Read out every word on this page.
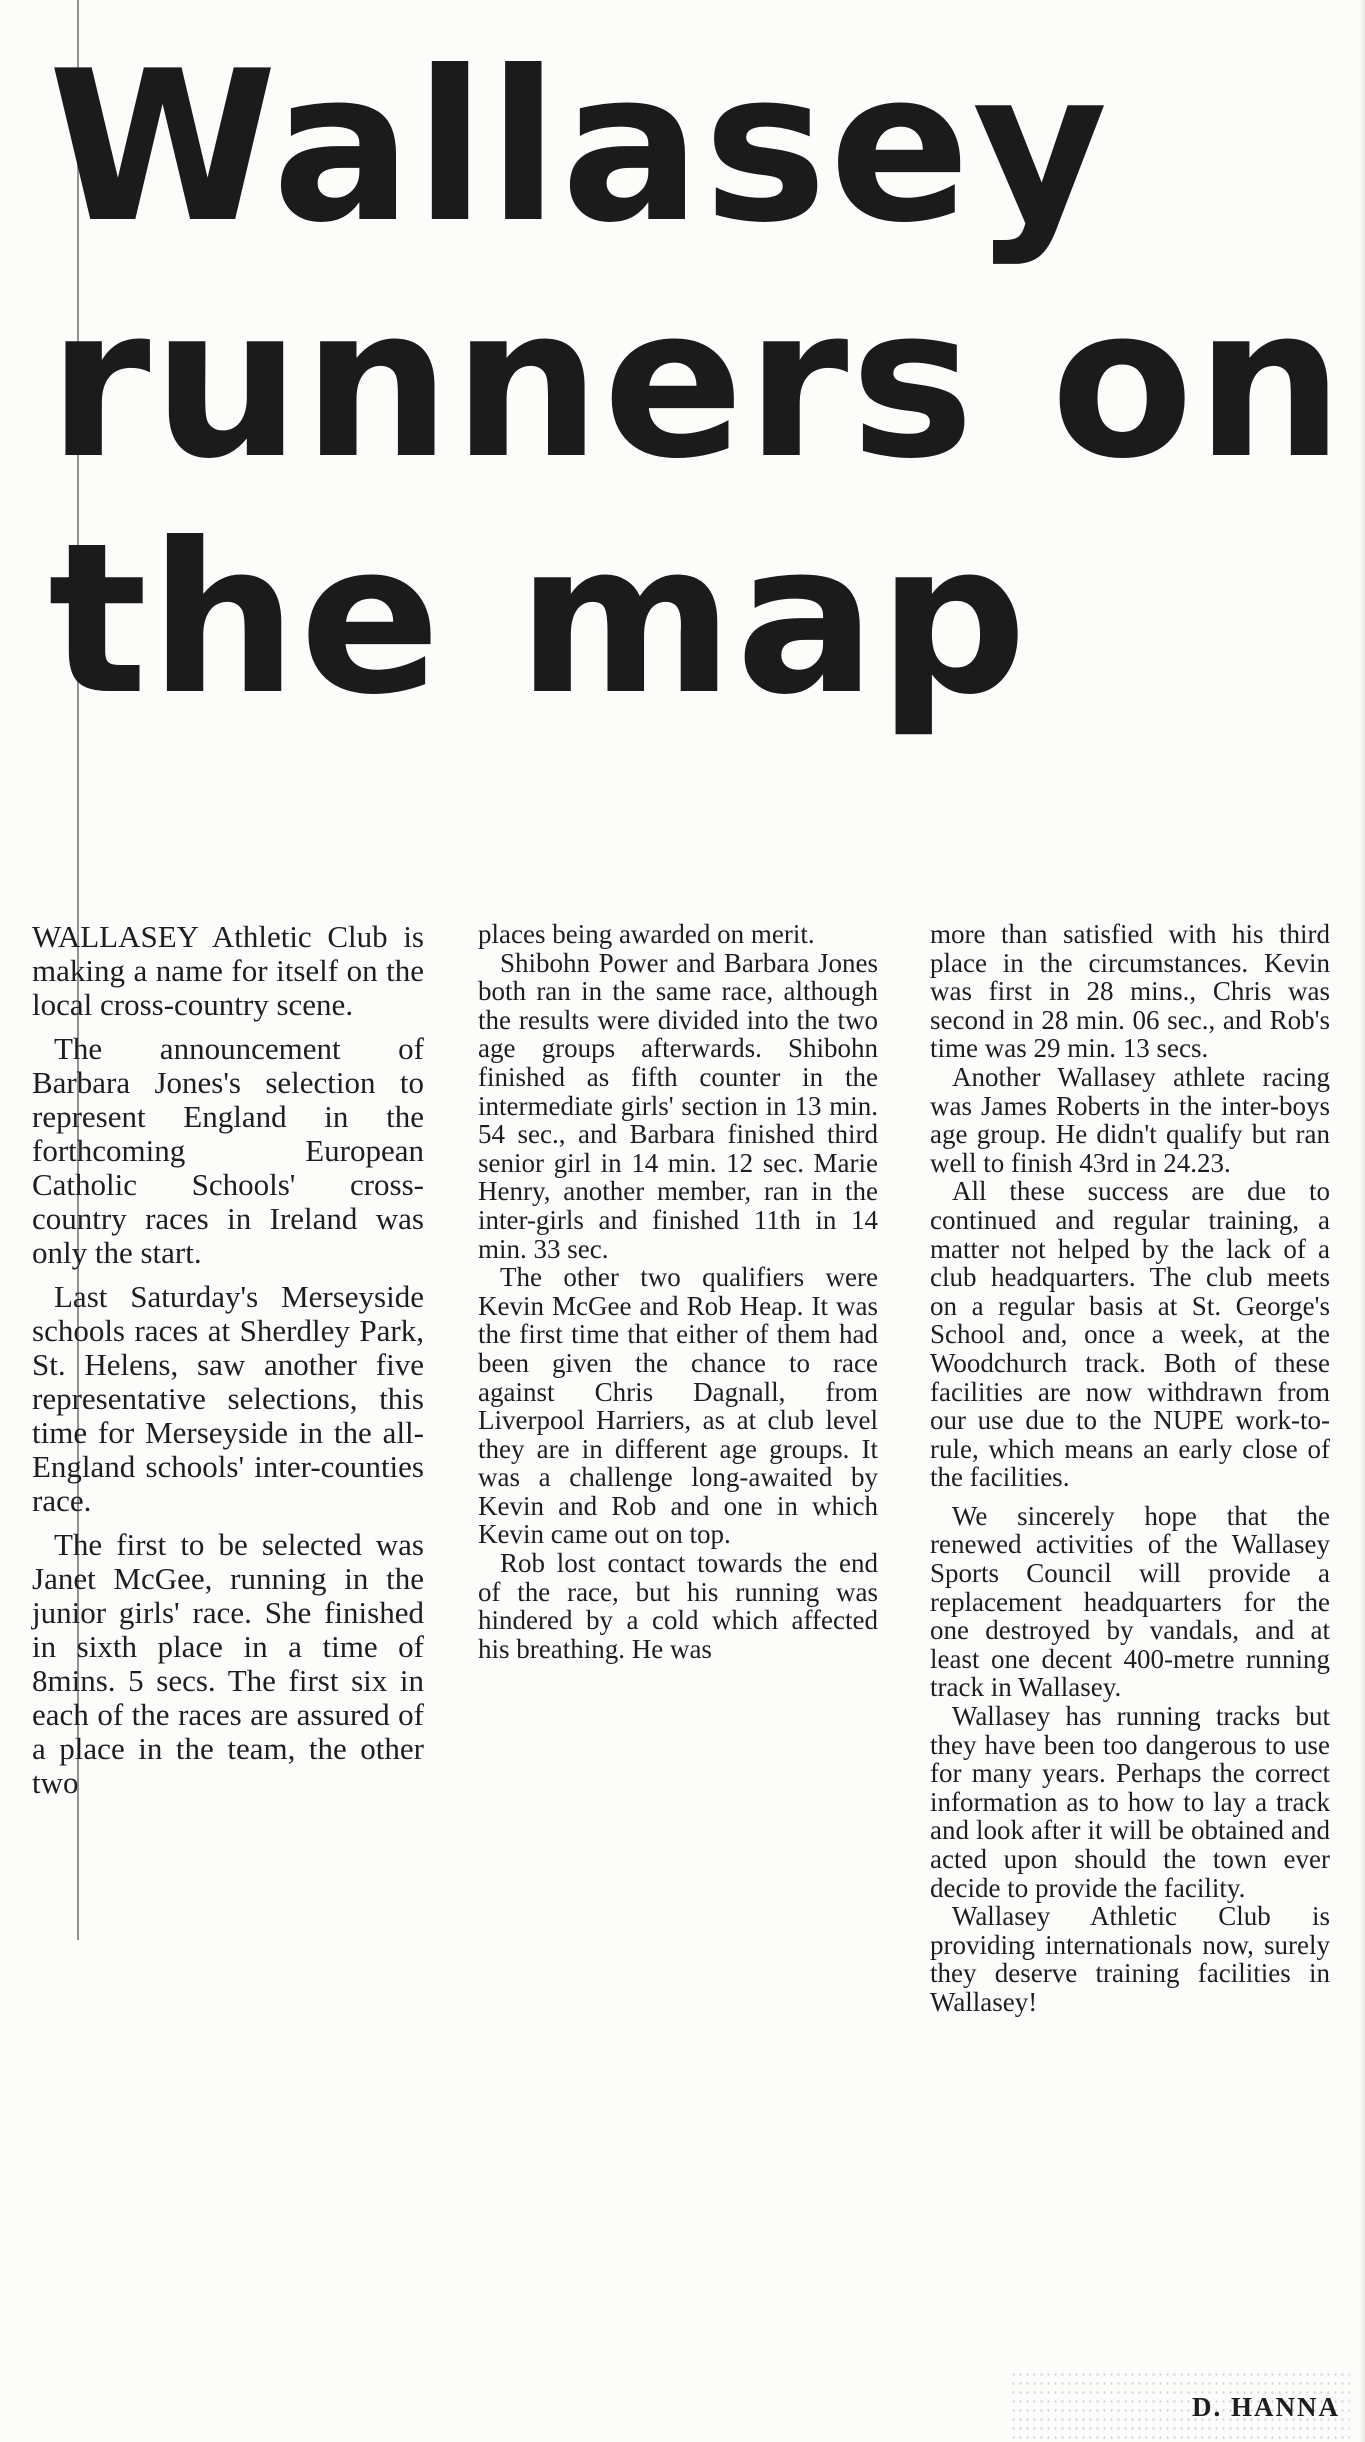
Wallasey
runners on
the map

WALLASEY Athletic Club is making a name for itself on the local cross-country scene.

The announcement of Barbara Jones's selection to represent England in the forthcoming European Catholic Schools' cross-country races in Ireland was only the start.

Last Saturday's Merseyside schools races at Sherdley Park, St. Helens, saw another five representative selections, this time for Merseyside in the all-England schools' inter-counties race.

The first to be selected was Janet McGee, running in the junior girls' race. She finished in sixth place in a time of 8mins. 5 secs. The first six in each of the races are assured of a place in the team, the other two

places being awarded on merit.

Shibohn Power and Barbara Jones both ran in the same race, although the results were divided into the two age groups afterwards. Shibohn finished as fifth counter in the intermediate girls' section in 13 min. 54 sec., and Barbara finished third senior girl in 14 min. 12 sec. Marie Henry, another member, ran in the inter-girls and finished 11th in 14 min. 33 sec.

The other two qualifiers were Kevin McGee and Rob Heap. It was the first time that either of them had been given the chance to race against Chris Dagnall, from Liverpool Harriers, as at club level they are in different age groups. It was a challenge long-awaited by Kevin and Rob and one in which Kevin came out on top.

Rob lost contact towards the end of the race, but his running was hindered by a cold which affected his breathing. He was

more than satisfied with his third place in the circumstances. Kevin was first in 28 mins., Chris was second in 28 min. 06 sec., and Rob's time was 29 min. 13 secs.

Another Wallasey athlete racing was James Roberts in the inter-boys age group. He didn't qualify but ran well to finish 43rd in 24.23.

All these success are due to continued and regular training, a matter not helped by the lack of a club headquarters. The club meets on a regular basis at St. George's School and, once a week, at the Woodchurch track. Both of these facilities are now withdrawn from our use due to the NUPE work-to-rule, which means an early close of the facilities.

We sincerely hope that the renewed activities of the Wallasey Sports Council will provide a replacement headquarters for the one destroyed by vandals, and at least one decent 400-metre running track in Wallasey.

Wallasey has running tracks but they have been too dangerous to use for many years. Perhaps the correct information as to how to lay a track and look after it will be obtained and acted upon should the town ever decide to provide the facility.

Wallasey Athletic Club is providing internationals now, surely they deserve training facilities in Wallasey!

D. HANNA
